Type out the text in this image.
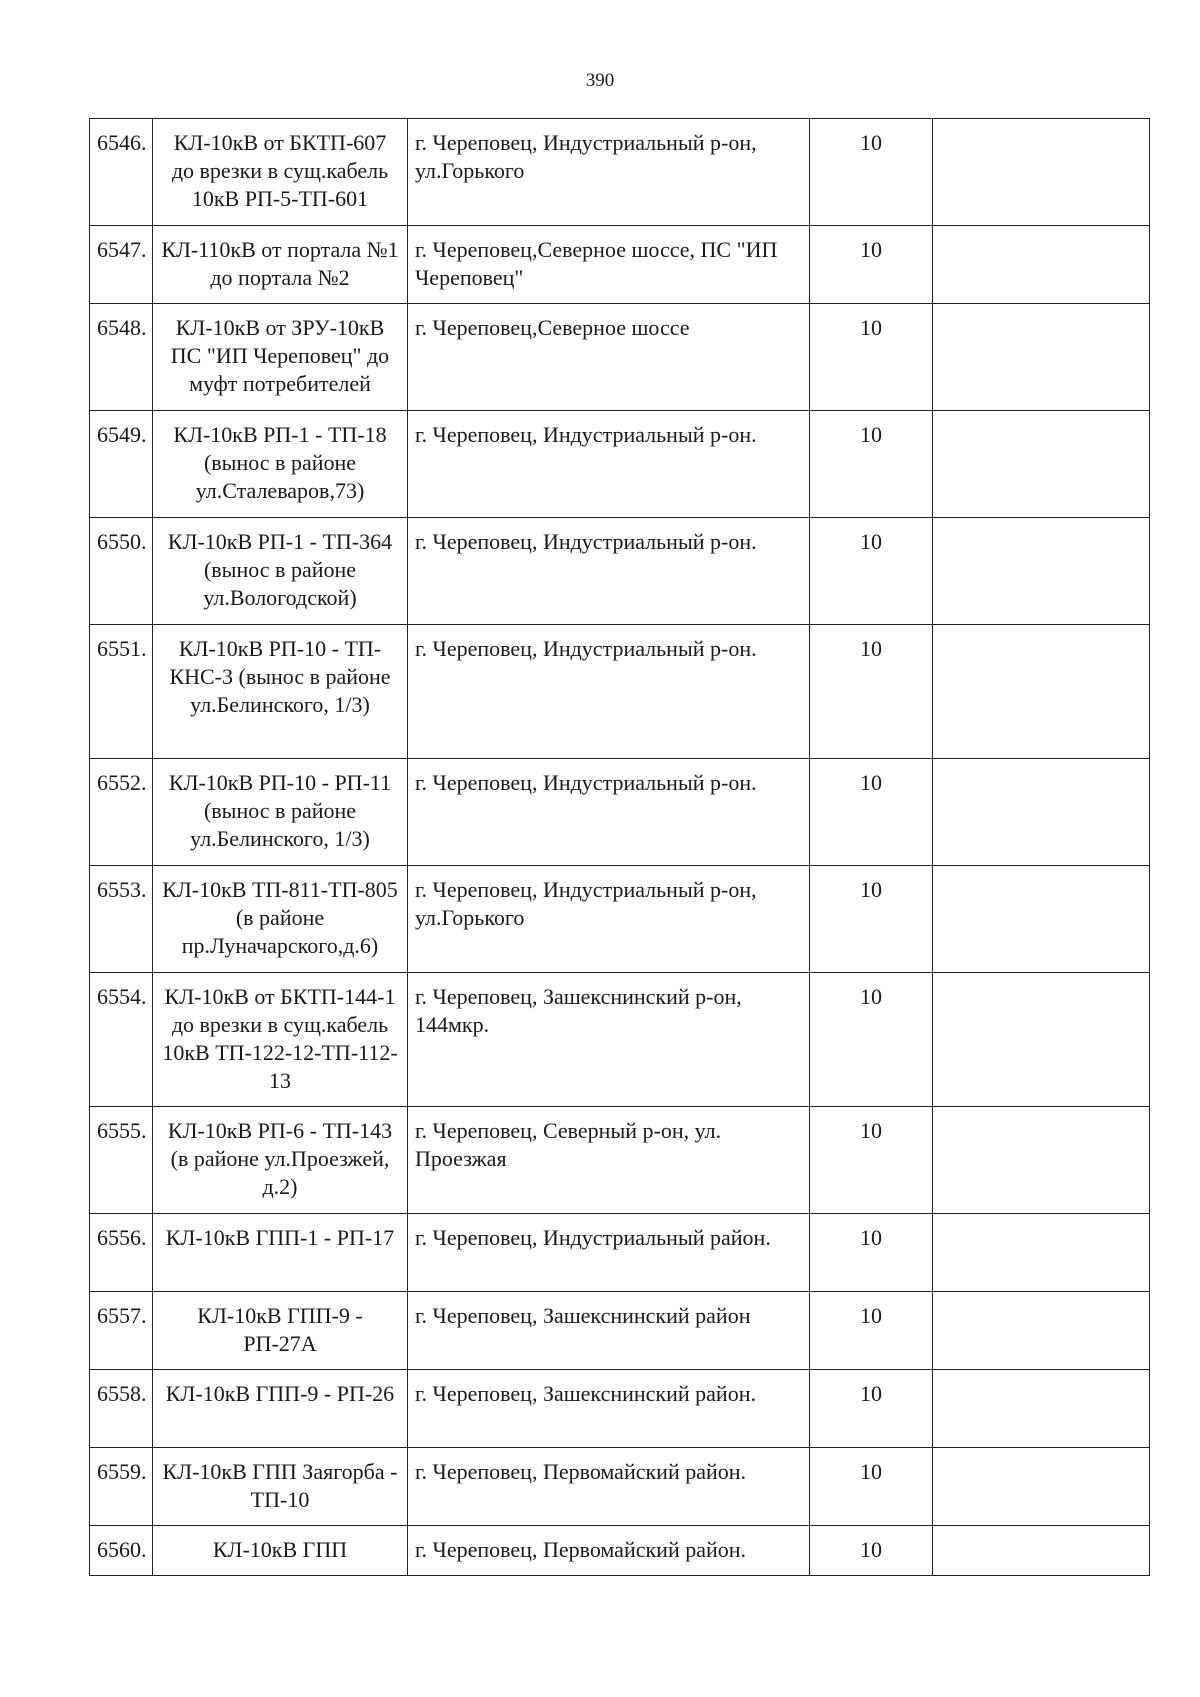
390
6546.	КЛ-10кВ от БКТП-607 до врезки в сущ.кабель 10кВ РП-5-ТП-601	г. Череповец, Индустриальный р-он, ул.Горького	10	
6547.	КЛ-110кВ от портала №1 до портала №2	г. Череповец,Северное шоссе, ПС "ИП Череповец"	10	
6548.	КЛ-10кВ от ЗРУ-10кВ ПС "ИП Череповец" до муфт потребителей	г. Череповец,Северное шоссе	10	
6549.	КЛ-10кВ РП-1 - ТП-18 (вынос в районе ул.Сталеваров,73)	г. Череповец, Индустриальный р-он.	10	
6550.	КЛ-10кВ РП-1 - ТП-364 (вынос в районе ул.Вологодской)	г. Череповец, Индустриальный р-он.	10	
6551.	КЛ-10кВ РП-10 - ТП-КНС-3 (вынос в районе ул.Белинского, 1/3)	г. Череповец, Индустриальный р-он.	10	
6552.	КЛ-10кВ РП-10 - РП-11 (вынос в районе ул.Белинского, 1/3)	г. Череповец, Индустриальный р-он.	10	
6553.	КЛ-10кВ ТП-811-ТП-805 (в районе пр.Луначарского,д.6)	г. Череповец, Индустриальный р-он, ул.Горького	10	
6554.	КЛ-10кВ от БКТП-144-1 до врезки в сущ.кабель 10кВ ТП-122-12-ТП-112-13	г. Череповец, Зашекснинский р-он, 144мкр.	10	
6555.	КЛ-10кВ РП-6 - ТП-143 (в районе ул.Проезжей, д.2)	г. Череповец, Северный р-он, ул. Проезжая	10	
6556.	КЛ-10кВ ГПП-1 - РП-17	г. Череповец, Индустриальный район.	10	
6557.	КЛ-10кВ ГПП-9 - РП-27А	г. Череповец, Зашекснинский район	10	
6558.	КЛ-10кВ ГПП-9 - РП-26	г. Череповец, Зашекснинский район.	10	
6559.	КЛ-10кВ ГПП Заягорба - ТП-10	г. Череповец, Первомайский район.	10	
6560.	КЛ-10кВ ГПП	г. Череповец, Первомайский район.	10	
